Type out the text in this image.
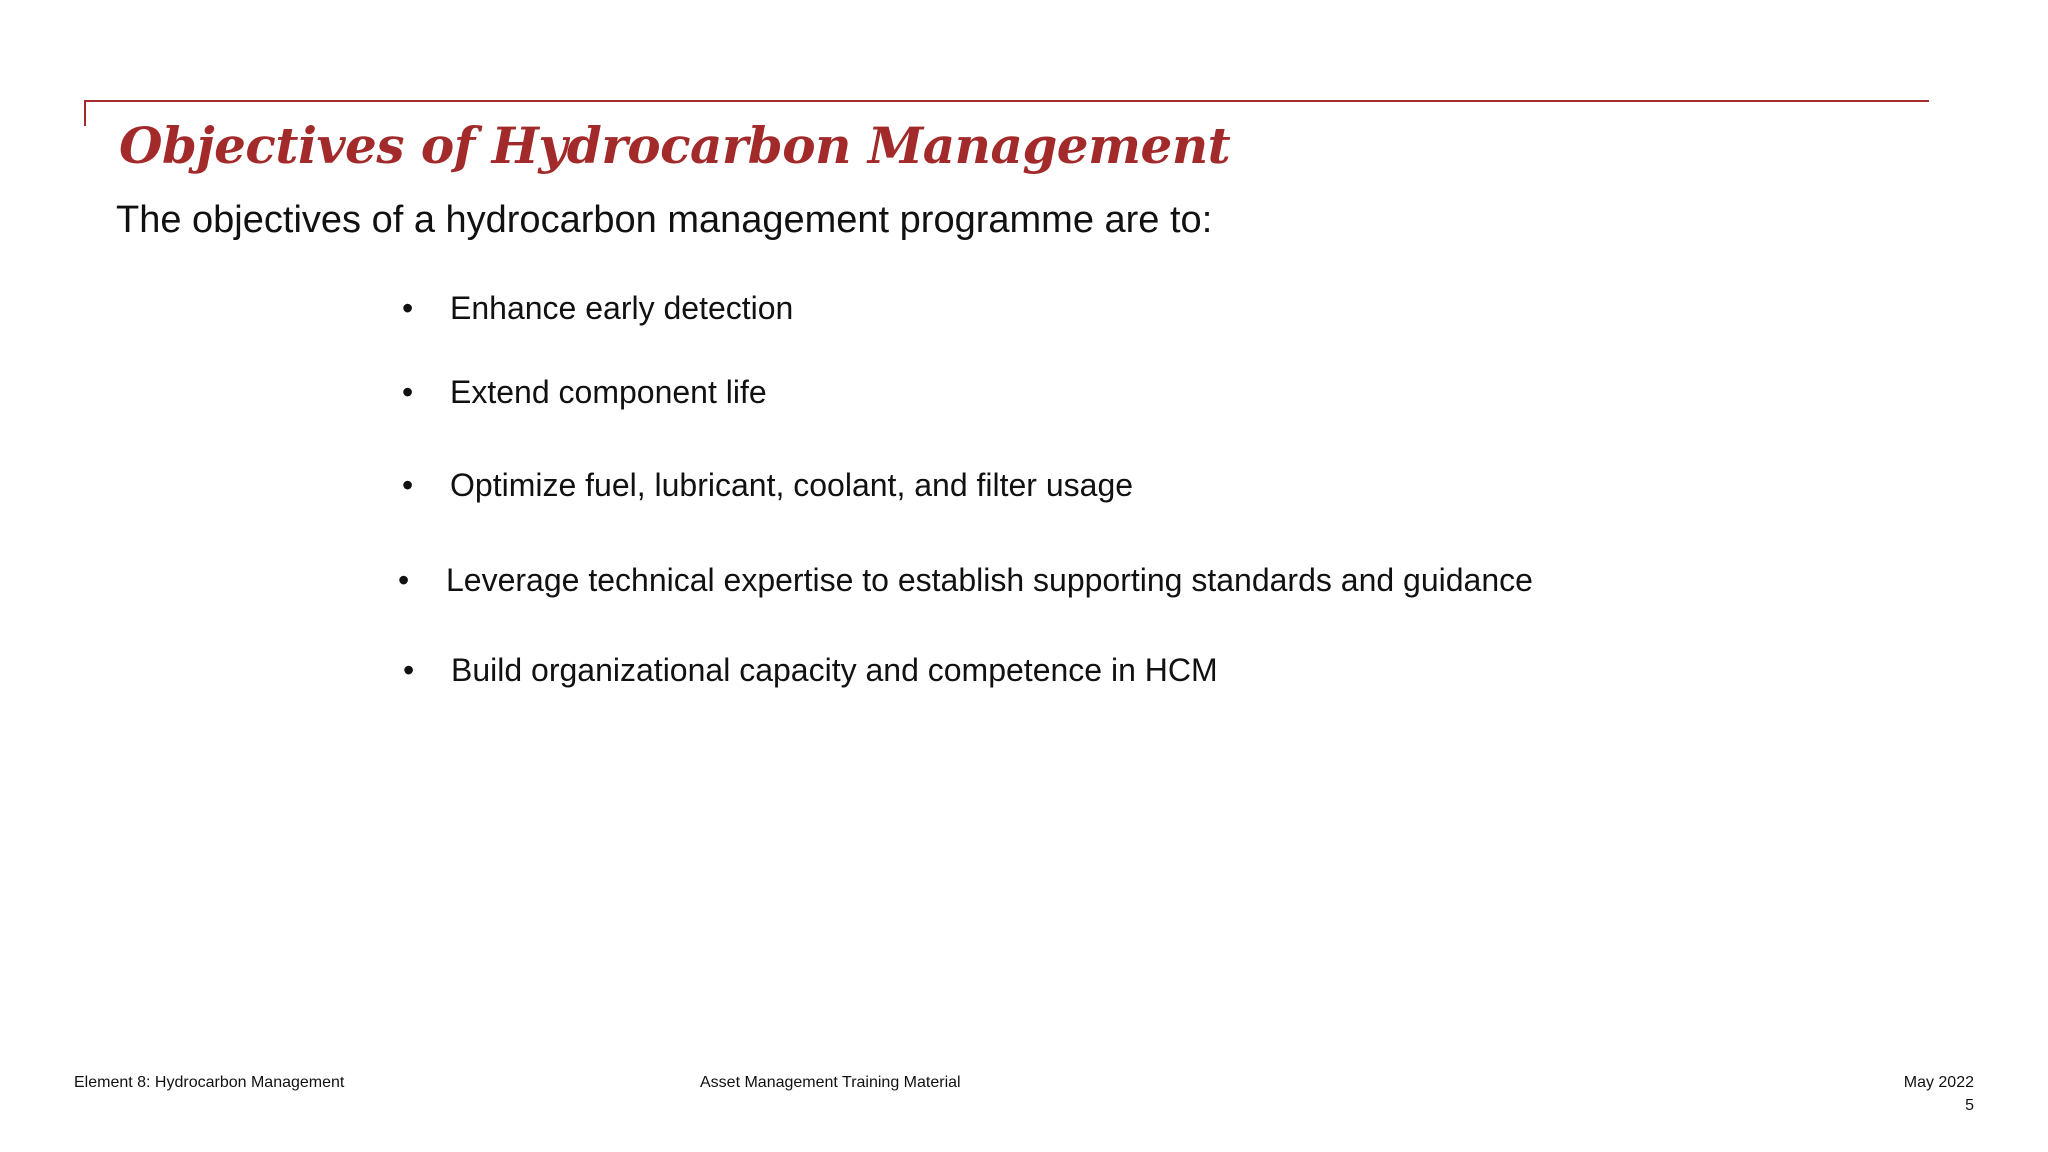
Objectives of Hydrocarbon Management

The objectives of a hydrocarbon management programme are to:

• Enhance early detection
• Extend component life
• Optimize fuel, lubricant, coolant, and filter usage
• Leverage technical expertise to establish supporting standards and guidance
• Build organizational capacity and competence in HCM
Element 8: Hydrocarbon Management	Asset Management Training Material	May 2022
5
